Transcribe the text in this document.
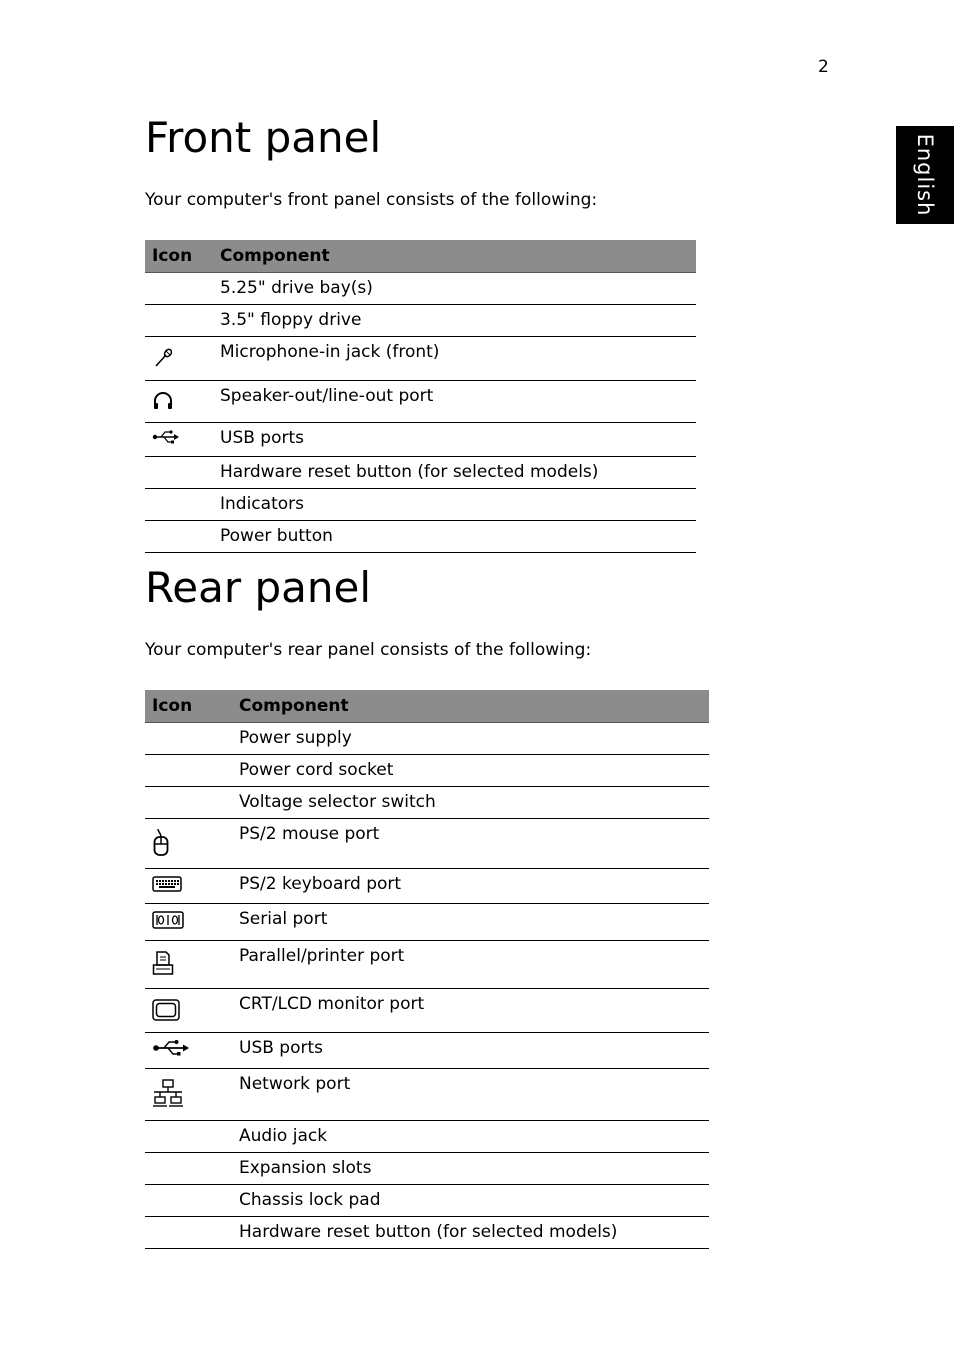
2
English
Front panel

Your computer's front panel consists of the following:

Icon	Component
	5.25" drive bay(s)
	3.5" floppy drive
	Microphone-in jack (front)
	Speaker-out/line-out port
	USB ports
	Hardware reset button (for selected models)
	Indicators
	Power button
Rear panel

Your computer's rear panel consists of the following:

Icon	Component
	Power supply
	Power cord socket
	Voltage selector switch
	PS/2 mouse port
	PS/2 keyboard port
	Serial port
	Parallel/printer port
	CRT/LCD monitor port
	USB ports
	Network port
	Audio jack
	Expansion slots
	Chassis lock pad
	Hardware reset button (for selected models)
